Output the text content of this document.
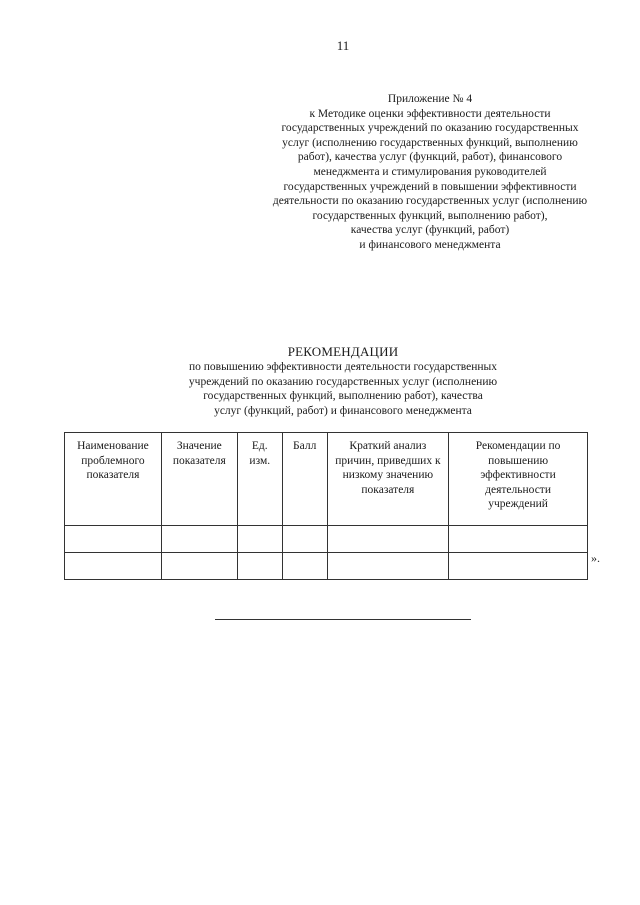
11
Приложение № 4
к Методике оценки эффективности деятельности
государственных учреждений по оказанию государственных
услуг (исполнению государственных функций, выполнению
работ), качества услуг (функций, работ), финансового
менеджмента и стимулирования руководителей
государственных учреждений в повышении эффективности
деятельности по оказанию государственных услуг (исполнению
государственных функций, выполнению работ),
качества услуг (функций, работ)
и финансового менеджмента
РЕКОМЕНДАЦИИ
по повышению эффективности деятельности государственных
учреждений по оказанию государственных услуг (исполнению
государственных функций, выполнению работ), качества
услуг (функций, работ) и финансового менеджмента
Наименование проблемного показателя	Значение показателя	Ед. изм.	Балл	Краткий анализ причин, приведших к низкому значению показателя	Рекомендации по повышению эффективности деятельности учреждений

».
